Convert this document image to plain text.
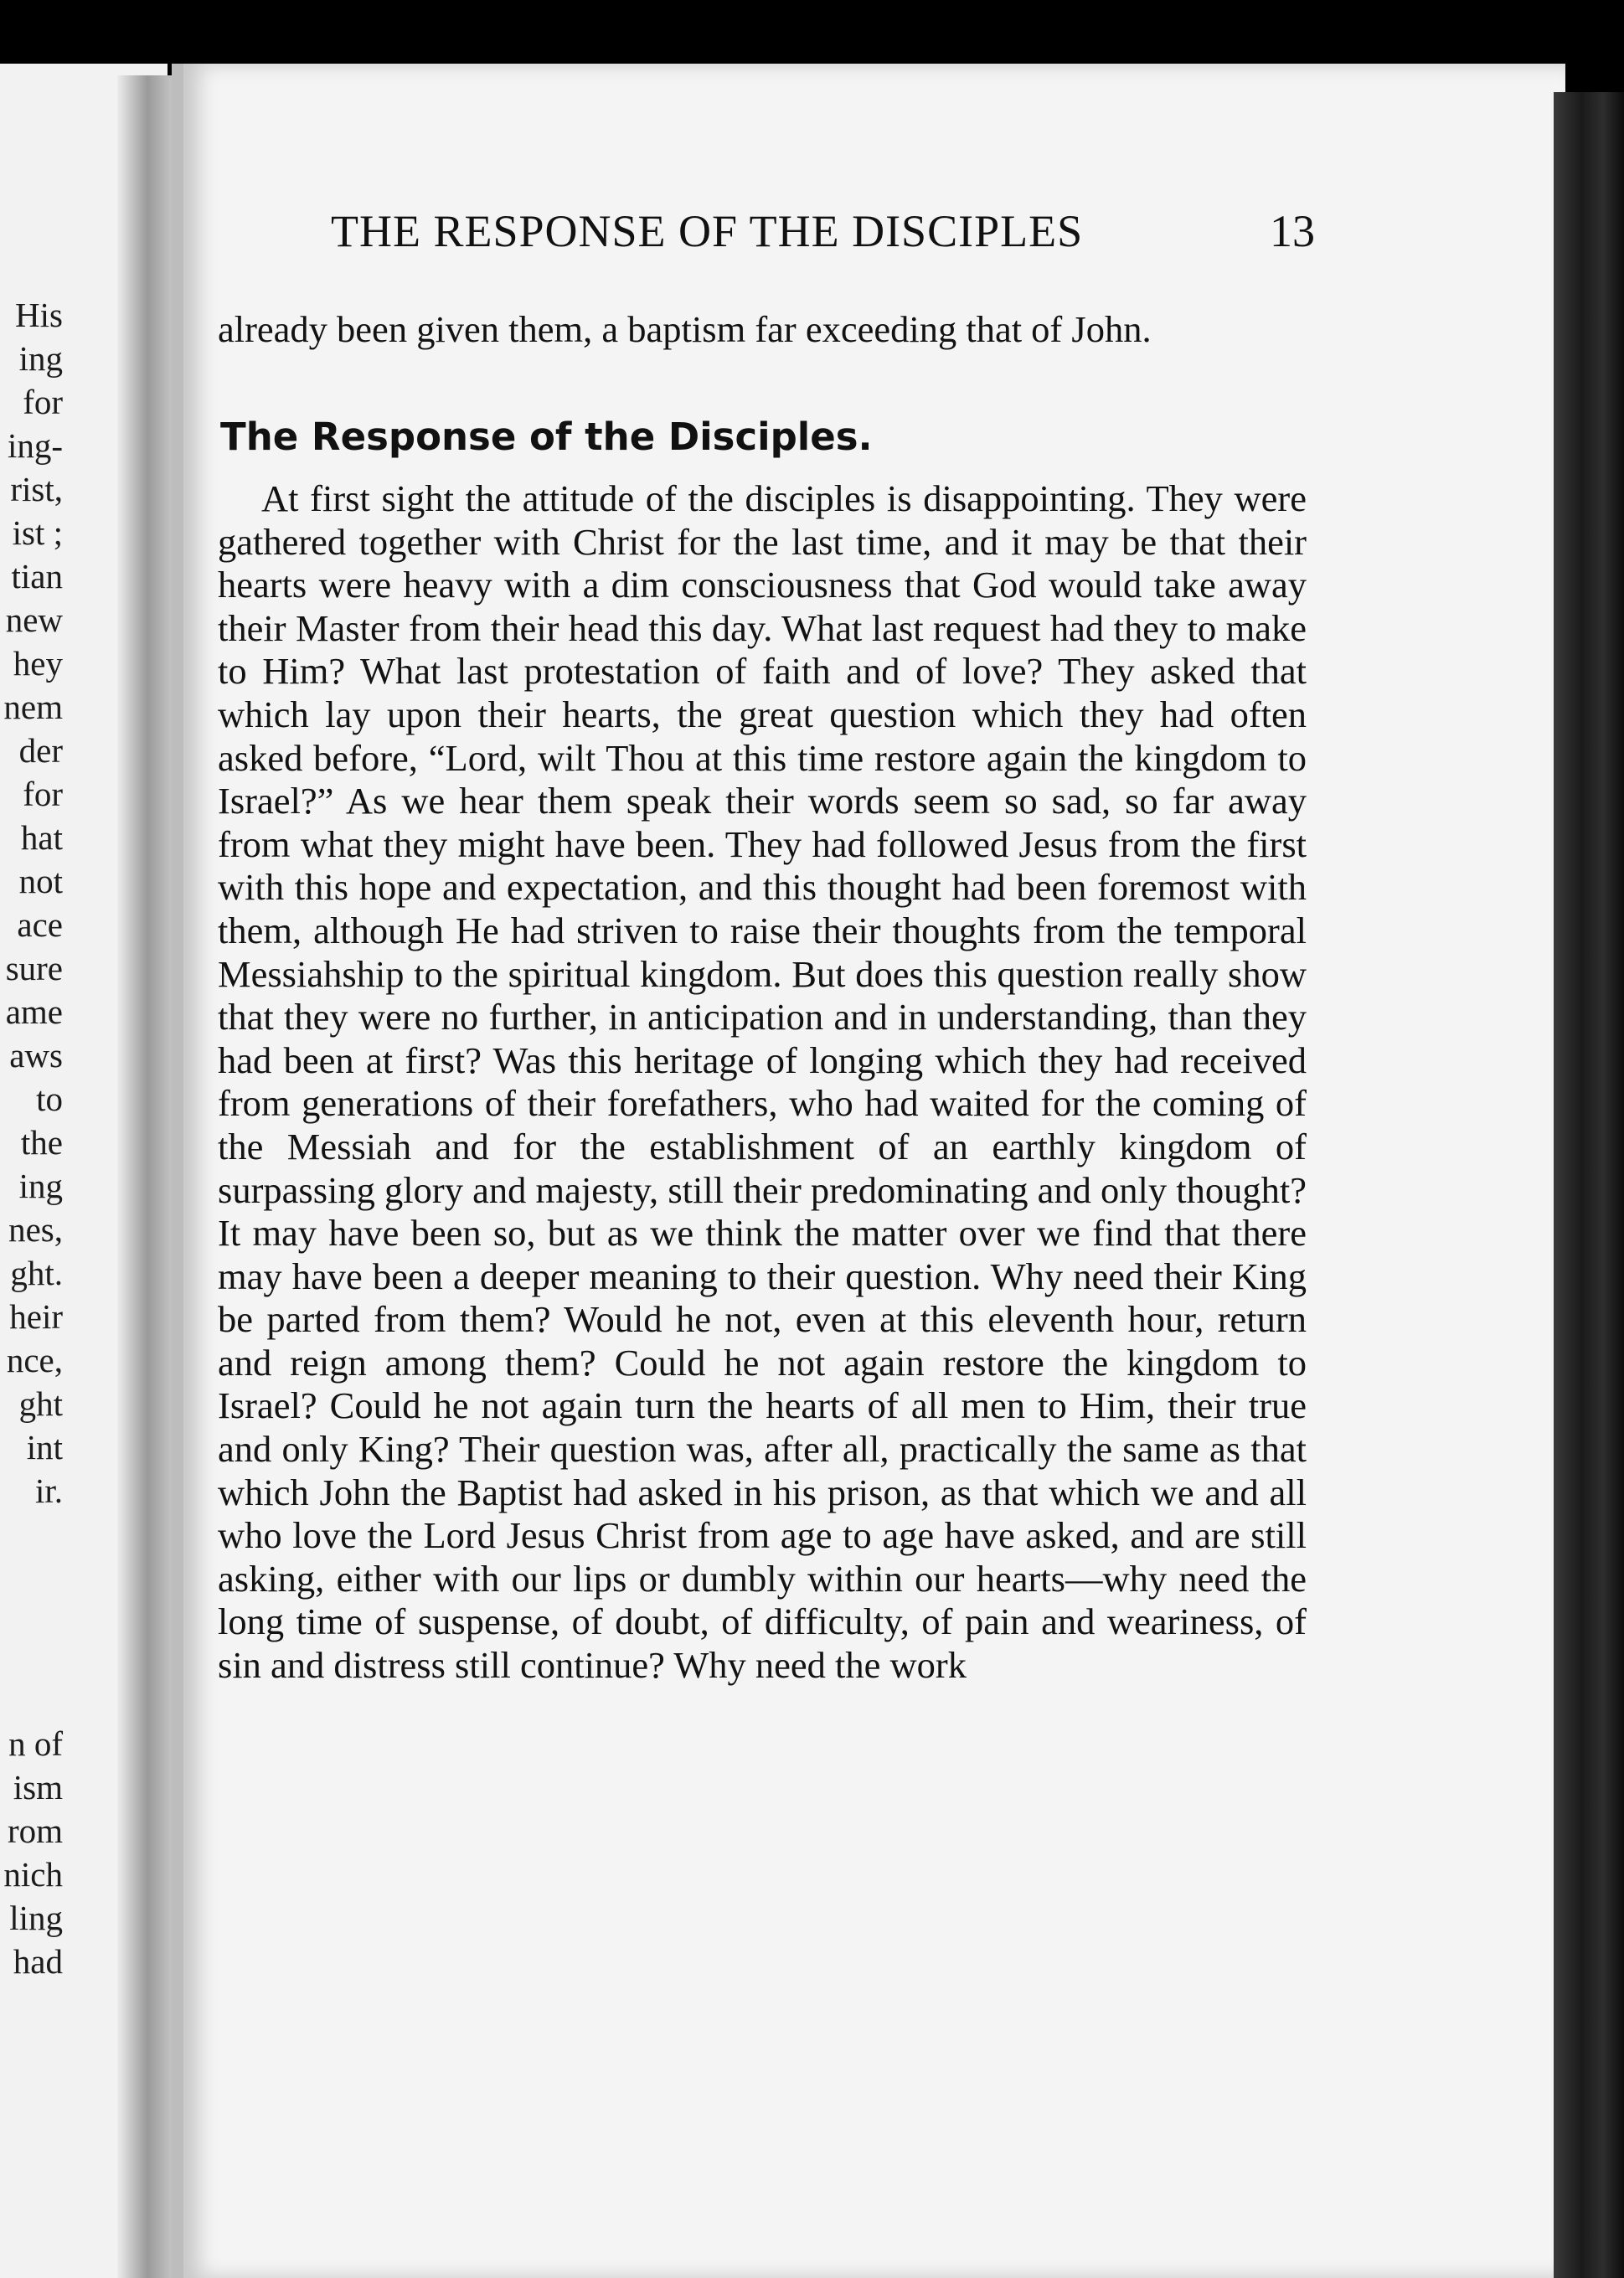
His
ing
for
ing-
rist,
ist ;
tian
new
hey
nem
der
for
hat
not
ace
sure
ame
aws
to
the
ing
nes,
ght.
heir
nce,
ght
int
ir.
n of
ism
rom
nich
ling
had
THE RESPONSE OF THE DISCIPLES	13

already been given them, a baptism far exceeding that of John.

The Response of the Disciples.

At first sight the attitude of the disciples is disappointing. They were gathered together with Christ for the last time, and it may be that their hearts were heavy with a dim consciousness that God would take away their Master from their head this day. What last request had they to make to Him? What last protestation of faith and of love? They asked that which lay upon their hearts, the great question which they had often asked before, “Lord, wilt Thou at this time restore again the kingdom to Israel?” As we hear them speak their words seem so sad, so far away from what they might have been. They had followed Jesus from the first with this hope and expectation, and this thought had been foremost with them, although He had striven to raise their thoughts from the temporal Messiahship to the spiritual kingdom. But does this question really show that they were no further, in anticipation and in understanding, than they had been at first? Was this heritage of longing which they had received from generations of their forefathers, who had waited for the coming of the Messiah and for the establishment of an earthly kingdom of surpassing glory and majesty, still their predominating and only thought? It may have been so, but as we think the matter over we find that there may have been a deeper meaning to their question. Why need their King be parted from them? Would he not, even at this eleventh hour, return and reign among them? Could he not again restore the kingdom to Israel? Could he not again turn the hearts of all men to Him, their true and only King? Their question was, after all, practically the same as that which John the Baptist had asked in his prison, as that which we and all who love the Lord Jesus Christ from age to age have asked, and are still asking, either with our lips or dumbly within our hearts—why need the long time of suspense, of doubt, of difficulty, of pain and weariness, of sin and distress still continue? Why need the work
